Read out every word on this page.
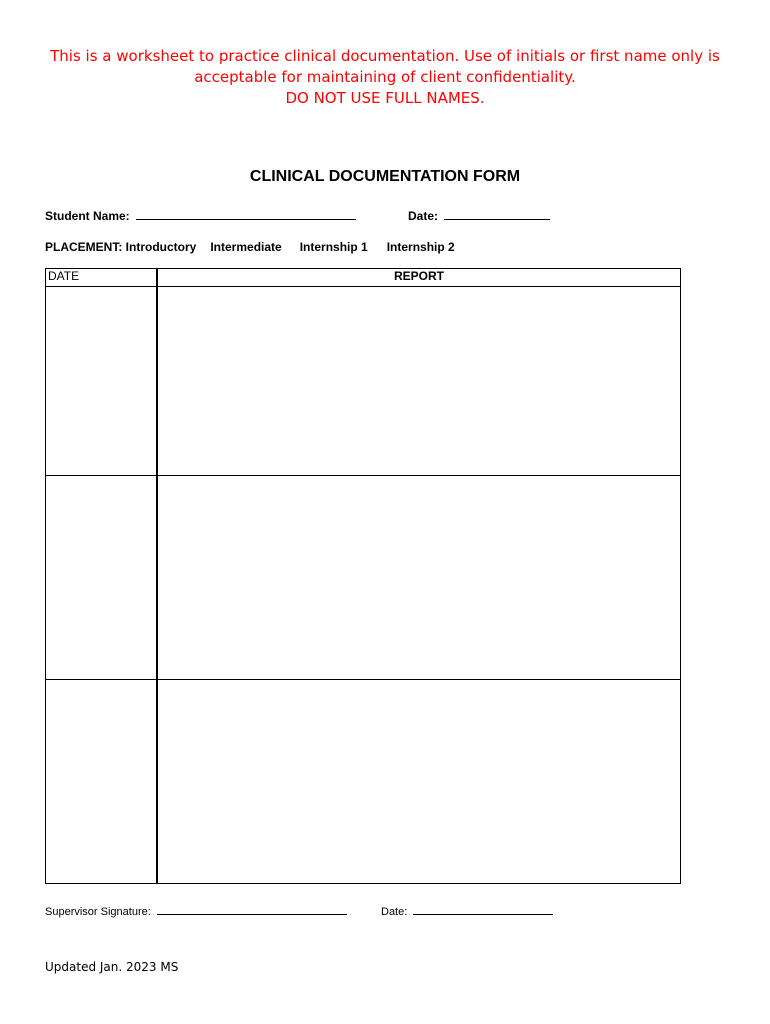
This is a worksheet to practice clinical documentation. Use of initials or first name only is
acceptable for maintaining of client confidentiality.
DO NOT USE FULL NAMES.
CLINICAL DOCUMENTATION FORM
Student Name:	Date:
PLACEMENT: Introductory Intermediate Internship 1 Internship 2
DATE	REPORT

Supervisor Signature:	Date:
Updated Jan. 2023 MS
